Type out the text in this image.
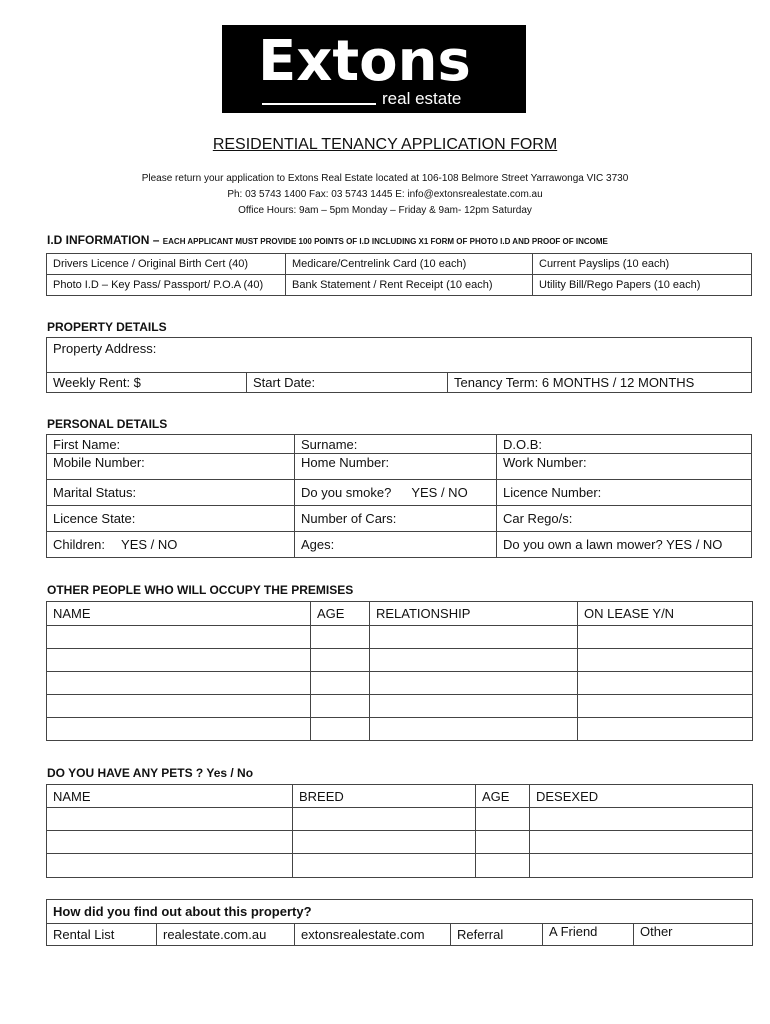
Extons
real estate
RESIDENTIAL TENANCY APPLICATION FORM
Please return your application to Extons Real Estate located at 106-108 Belmore Street Yarrawonga VIC 3730
Ph: 03 5743 1400 Fax: 03 5743 1445 E: info@extonsrealestate.com.au
Office Hours: 9am – 5pm Monday – Friday & 9am- 12pm Saturday
I.D INFORMATION – EACH APPLICANT MUST PROVIDE 100 POINTS OF I.D INCLUDING X1 FORM OF PHOTO I.D AND PROOF OF INCOME
Drivers Licence / Original Birth Cert (40)	Medicare/Centrelink Card (10 each)	Current Payslips (10 each)
Photo I.D – Key Pass/ Passport/ P.O.A (40)	Bank Statement / Rent Receipt (10 each)	Utility Bill/Rego Papers (10 each)
PROPERTY DETAILS
Property Address:
Weekly Rent: $	Start Date:	Tenancy Term: 6 MONTHS / 12 MONTHS
PERSONAL DETAILS
First Name:	Surname:	D.O.B:
Mobile Number:	Home Number:	Work Number:
Marital Status:	Do you smoke? YES / NO	Licence Number:
Licence State:	Number of Cars:	Car Rego/s:
Children: YES / NO	Ages:	Do you own a lawn mower? YES / NO
OTHER PEOPLE WHO WILL OCCUPY THE PREMISES
NAME	AGE	RELATIONSHIP	ON LEASE Y/N

DO YOU HAVE ANY PETS ? Yes / No
NAME	BREED	AGE	DESEXED

How did you find out about this property?
Rental List	realestate.com.au	extonsrealestate.com	Referral	A Friend	Other
